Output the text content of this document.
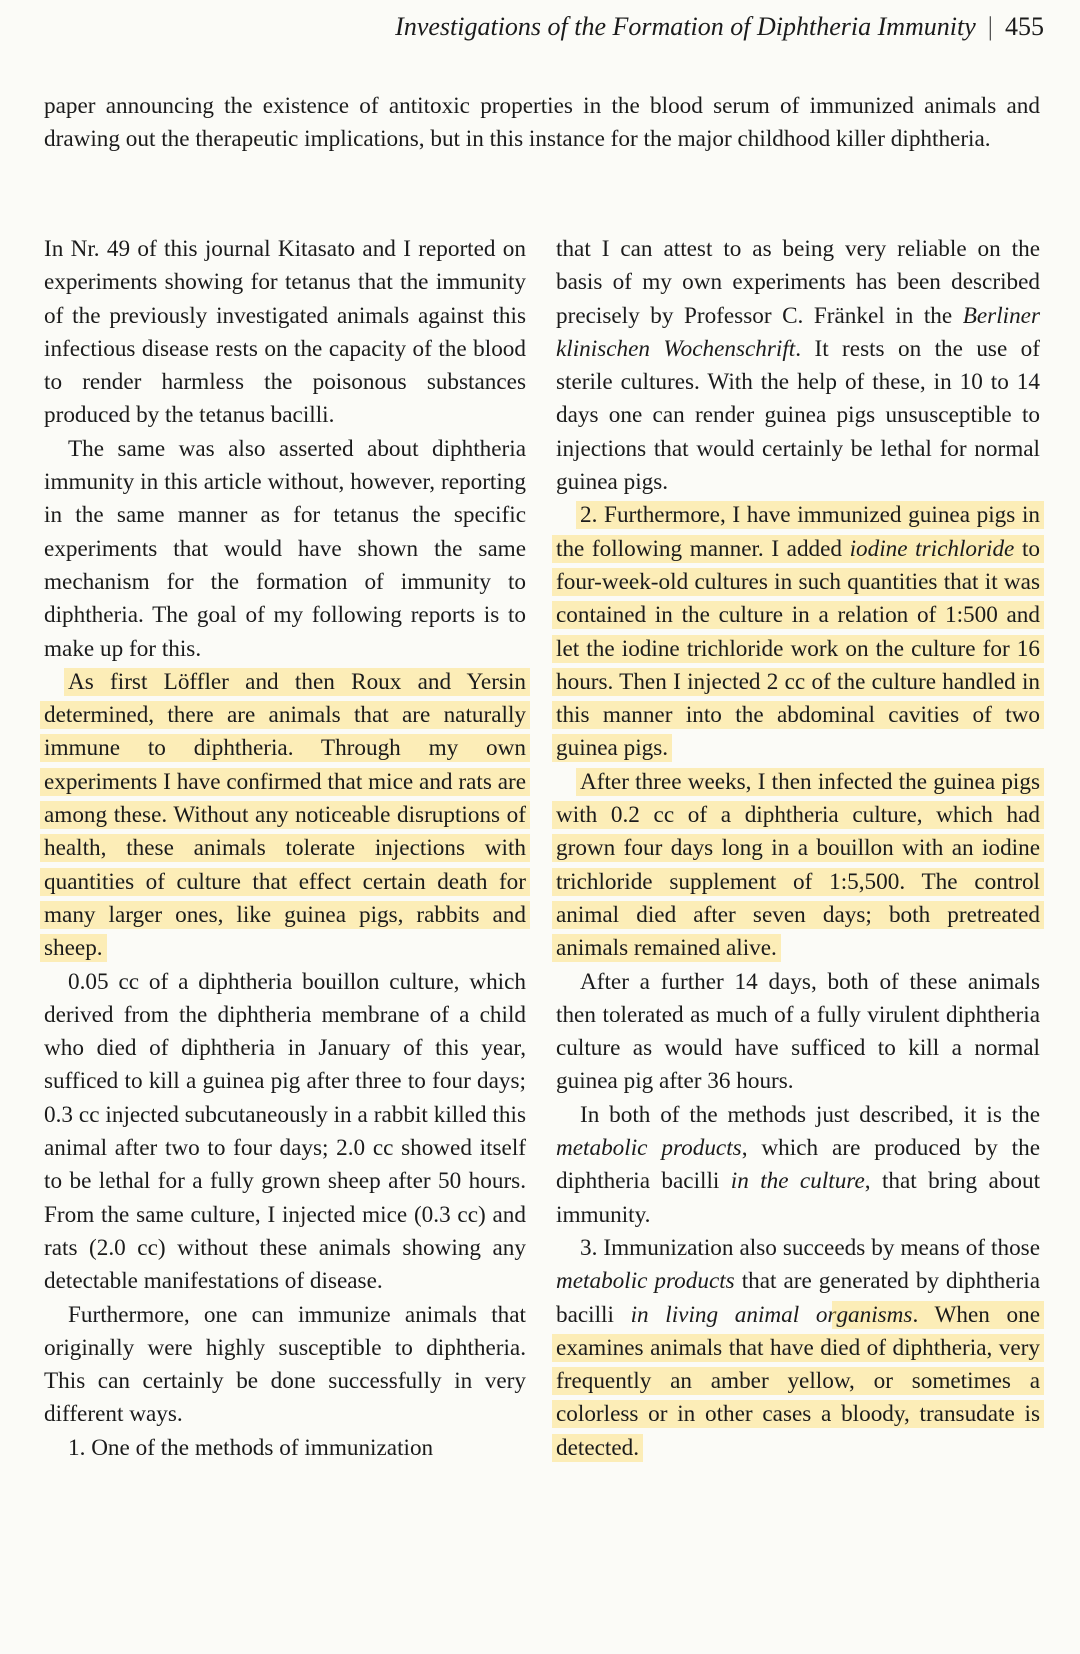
Investigations of the Formation of Diphtheria Immunity | 455
paper announcing the existence of antitoxic properties in the blood serum of immunized animals and drawing out the therapeutic implications, but in this instance for the major childhood killer diphtheria.

In Nr. 49 of this journal Kitasato and I reported on experiments showing for tetanus that the immunity of the previously investigated animals against this infectious disease rests on the capacity of the blood to render harmless the poisonous substances produced by the tetanus bacilli.

The same was also asserted about diphtheria immunity in this article without, however, reporting in the same manner as for tetanus the specific experiments that would have shown the same mechanism for the formation of immunity to diphtheria. The goal of my following reports is to make up for this.

As first Löffler and then Roux and Yersin determined, there are animals that are naturally immune to diphtheria. Through my own experiments I have confirmed that mice and rats are among these. Without any noticeable disruptions of health, these animals tolerate injections with quantities of culture that effect certain death for many larger ones, like guinea pigs, rabbits and sheep.

0.05 cc of a diphtheria bouillon culture, which derived from the diphtheria membrane of a child who died of diphtheria in January of this year, sufficed to kill a guinea pig after three to four days; 0.3 cc injected subcutaneously in a rabbit killed this animal after two to four days; 2.0 cc showed itself to be lethal for a fully grown sheep after 50 hours. From the same culture, I injected mice (0.3 cc) and rats (2.0 cc) without these animals showing any detectable manifestations of disease.

Furthermore, one can immunize animals that originally were highly susceptible to diphtheria. This can certainly be done successfully in very different ways.

1. One of the methods of immunization

that I can attest to as being very reliable on the basis of my own experiments has been described precisely by Professor C. Fränkel in the Berliner klinischen Wochenschrift. It rests on the use of sterile cultures. With the help of these, in 10 to 14 days one can render guinea pigs unsusceptible to injections that would certainly be lethal for normal guinea pigs.

2. Furthermore, I have immunized guinea pigs in the following manner. I added iodine trichloride to four-week-old cultures in such quantities that it was contained in the culture in a relation of 1:500 and let the iodine trichloride work on the culture for 16 hours. Then I injected 2 cc of the culture handled in this manner into the abdominal cavities of two guinea pigs.

After three weeks, I then infected the guinea pigs with 0.2 cc of a diphtheria culture, which had grown four days long in a bouillon with an iodine trichloride supplement of 1:5,500. The control animal died after seven days; both pretreated animals remained alive.

After a further 14 days, both of these animals then tolerated as much of a fully virulent diphtheria culture as would have sufficed to kill a normal guinea pig after 36 hours.

In both of the methods just described, it is the metabolic products, which are produced by the diphtheria bacilli in the culture, that bring about immunity.

3. Immunization also succeeds by means of those metabolic products that are generated by diphtheria bacilli in living animal organisms. When one examines animals that have died of diphtheria, very frequently an amber yellow, or sometimes a colorless or in other cases a bloody, transudate is detected.
